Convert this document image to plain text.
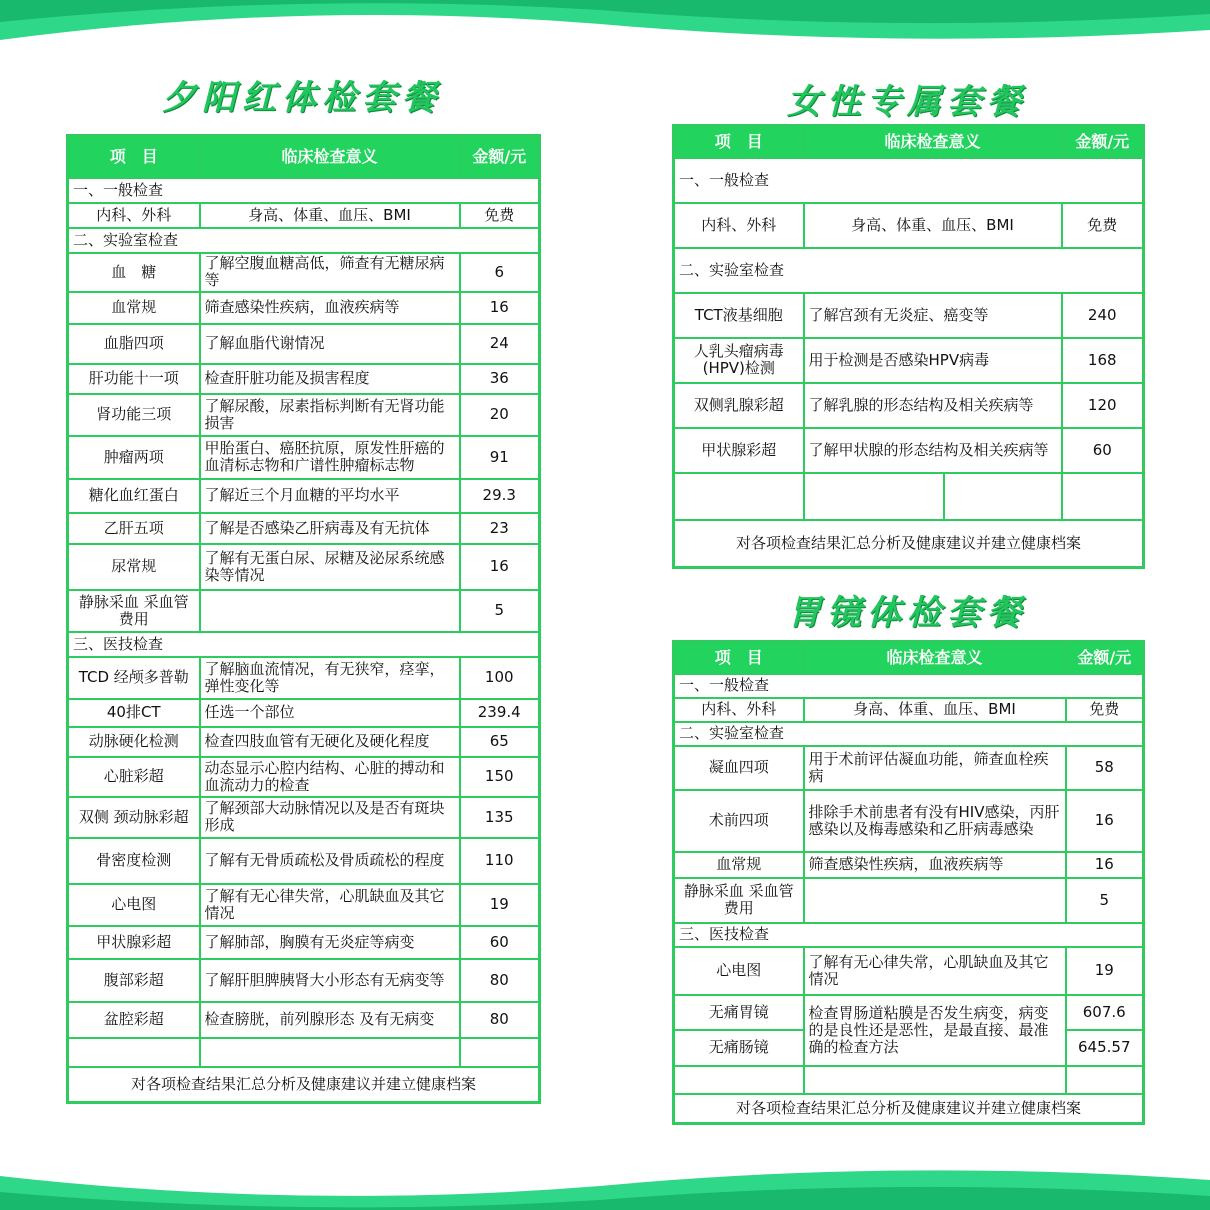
夕阳红体检套餐
项　目	临床检查意义	金额/元
一、一般检查		
内科、外科	身高、体重、血压、BMI	免费
二、实验室检查		
血　糖	了解空腹血糖高低，筛查有无糖尿病等	6
血常规	筛查感染性疾病，血液疾病等	16
血脂四项	了解血脂代谢情况	24
肝功能十一项	检查肝脏功能及损害程度	36
肾功能三项	了解尿酸，尿素指标判断有无肾功能损害	20
肿瘤两项	甲胎蛋白、癌胚抗原，原发性肝癌的血清标志物和广谱性肿瘤标志物	91
糖化血红蛋白	了解近三个月血糖的平均水平	29.3
乙肝五项	了解是否感染乙肝病毒及有无抗体	23
尿常规	了解有无蛋白尿、尿糖及泌尿系统感染等情况	16
静脉采血 采血管费用		5
三、医技检查		
TCD 经颅多普勒	了解脑血流情况，有无狭窄，痉挛，弹性变化等	100
40排CT	任选一个部位	239.4
动脉硬化检测	检查四肢血管有无硬化及硬化程度	65
心脏彩超	动态显示心腔内结构、心脏的搏动和血流动力的检查	150
双侧 颈动脉彩超	了解颈部大动脉情况以及是否有斑块形成	135
骨密度检测	了解有无骨质疏松及骨质疏松的程度	110
心电图	了解有无心律失常，心肌缺血及其它情况	19
甲状腺彩超	了解肺部，胸膜有无炎症等病变	60
腹部彩超	了解肝胆脾胰肾大小形态有无病变等	80
盆腔彩超	检查膀胱，前列腺形态 及有无病变	80

对各项检查结果汇总分析及健康建议并建立健康档案		
女性专属套餐
项　目	临床检查意义	金额/元
一、一般检查		
内科、外科	身高、体重、血压、BMI	免费
二、实验室检查		
TCT液基细胞	了解宫颈有无炎症、癌变等	240
人乳头瘤病毒 (HPV)检测	用于检测是否感染HPV病毒	168
双侧乳腺彩超	了解乳腺的形态结构及相关疾病等	120
甲状腺彩超	了解甲状腺的形态结构及相关疾病等	60

对各项检查结果汇总分析及健康建议并建立健康档案		
胃镜体检套餐
项　目	临床检查意义	金额/元
一、一般检查		
内科、外科	身高、体重、血压、BMI	免费
二、实验室检查		
凝血四项	用于术前评估凝血功能，筛查血栓疾病	58
术前四项	排除手术前患者有没有HIV感染，丙肝感染以及梅毒感染和乙肝病毒感染	16
血常规	筛查感染性疾病，血液疾病等	16
静脉采血 采血管费用		5
三、医技检查		
心电图	了解有无心律失常，心肌缺血及其它情况	19
无痛胃镜	检查胃肠道粘膜是否发生病变，病变的是良性还是恶性，是最直接、最准确的检查方法	607.6
无痛肠镜		645.57

对各项检查结果汇总分析及健康建议并建立健康档案		
